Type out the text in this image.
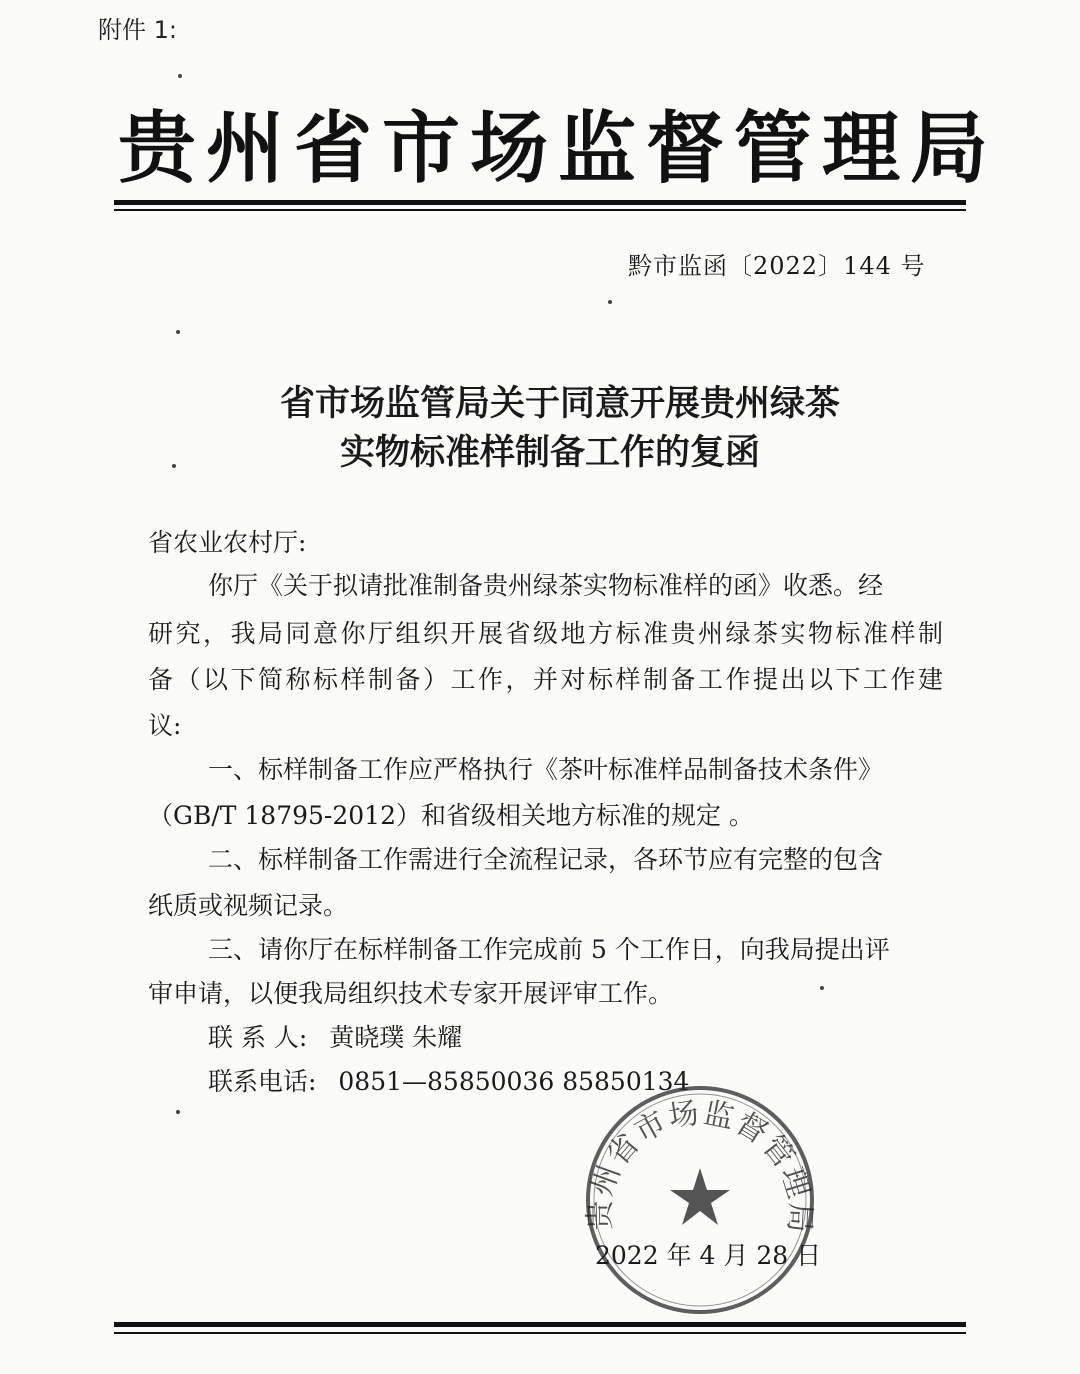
附件 1:
贵州省市场监督管理局
黔市监函〔2022〕144 号
省市场监管局关于同意开展贵州绿茶
实物标准样制备工作的复函
省农业农村厅:
你厅《关于拟请批准制备贵州绿茶实物标准样的函》收悉。经
研究，我局同意你厅组织开展省级地方标准贵州绿茶实物标准样制
备（以下简称标样制备）工作，并对标样制备工作提出以下工作建
议:
一、标样制备工作应严格执行《茶叶标准样品制备技术条件》
（GB/T 18795-2012）和省级相关地方标准的规定 。
二、标样制备工作需进行全流程记录，各环节应有完整的包含
纸质或视频记录。
三、请你厅在标样制备工作完成前 5 个工作日，向我局提出评
审申请，以便我局组织技术专家开展评审工作。
联 系 人: 黄晓璞 朱耀
联系电话: 0851—85850036 85850134
贵州省市场监督管理局
2022 年 4 月 28 日
